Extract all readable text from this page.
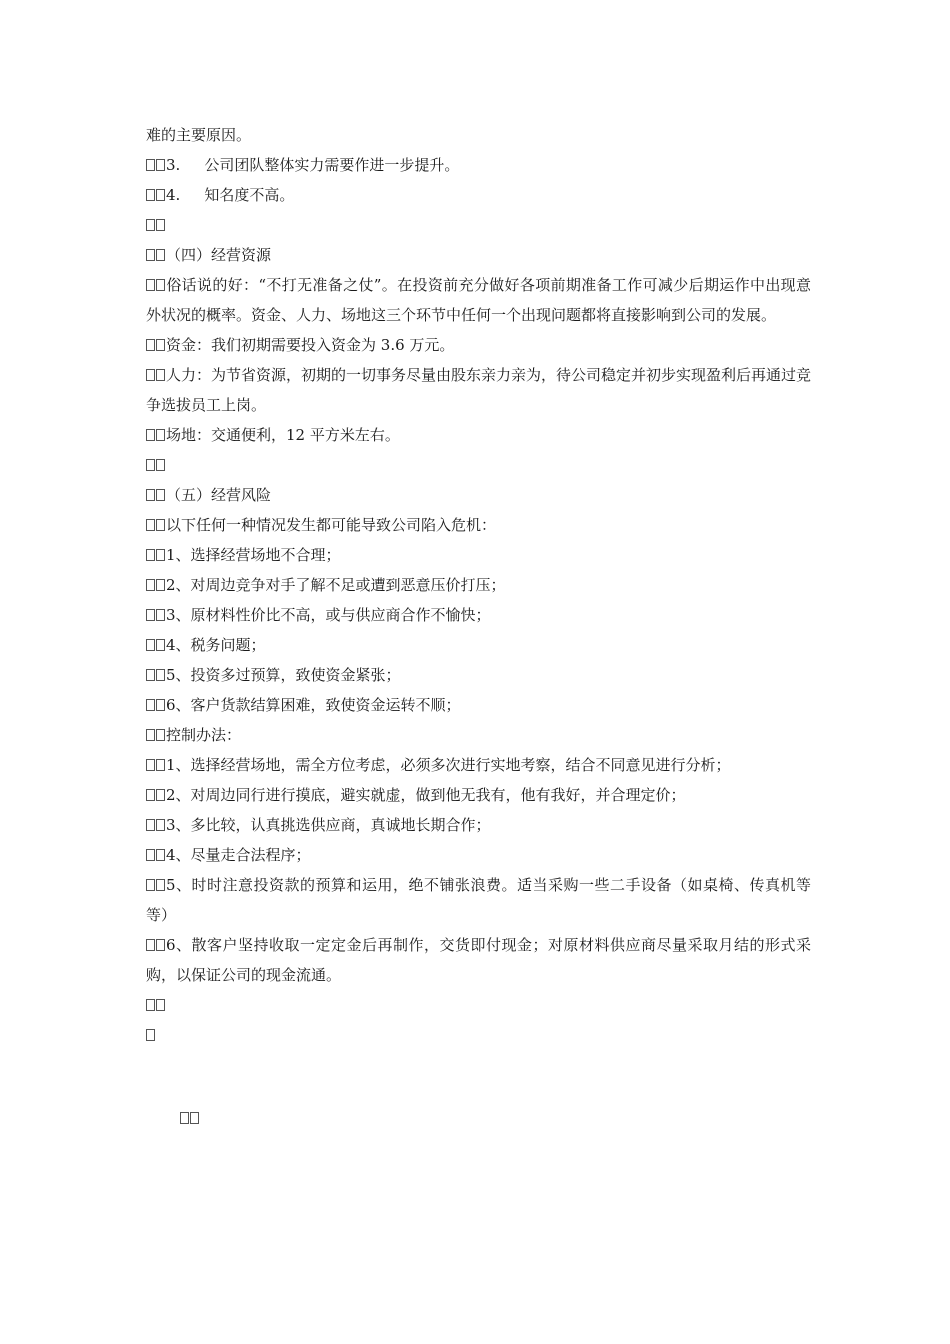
难的主要原因。
3. 公司团队整体实力需要作进一步提升。
4. 知名度不高。
（四）经营资源
俗话说的好：“不打无准备之仗”。在投资前充分做好各项前期准备工作可减少后期运作中出现意外状况的概率。资金、人力、场地这三个环节中任何一个出现问题都将直接影响到公司的发展。
资金：我们初期需要投入资金为 3.6 万元。
人力：为节省资源，初期的一切事务尽量由股东亲力亲为，待公司稳定并初步实现盈利后再通过竞争选拔员工上岗。
场地：交通便利，12 平方米左右。
（五）经营风险
以下任何一种情况发生都可能导致公司陷入危机：
1、选择经营场地不合理；
2、对周边竞争对手了解不足或遭到恶意压价打压；
3、原材料性价比不高，或与供应商合作不愉快；
4、税务问题；
5、投资多过预算，致使资金紧张；
6、客户货款结算困难，致使资金运转不顺；
控制办法：
1、选择经营场地，需全方位考虑，必须多次进行实地考察，结合不同意见进行分析；
2、对周边同行进行摸底，避实就虚，做到他无我有，他有我好，并合理定价；
3、多比较，认真挑选供应商，真诚地长期合作；
4、尽量走合法程序；
5、时时注意投资款的预算和运用，绝不铺张浪费。适当采购一些二手设备（如桌椅、传真机等等）
6、散客户坚持收取一定定金后再制作，交货即付现金；对原材料供应商尽量采取月结的形式采购，以保证公司的现金流通。
